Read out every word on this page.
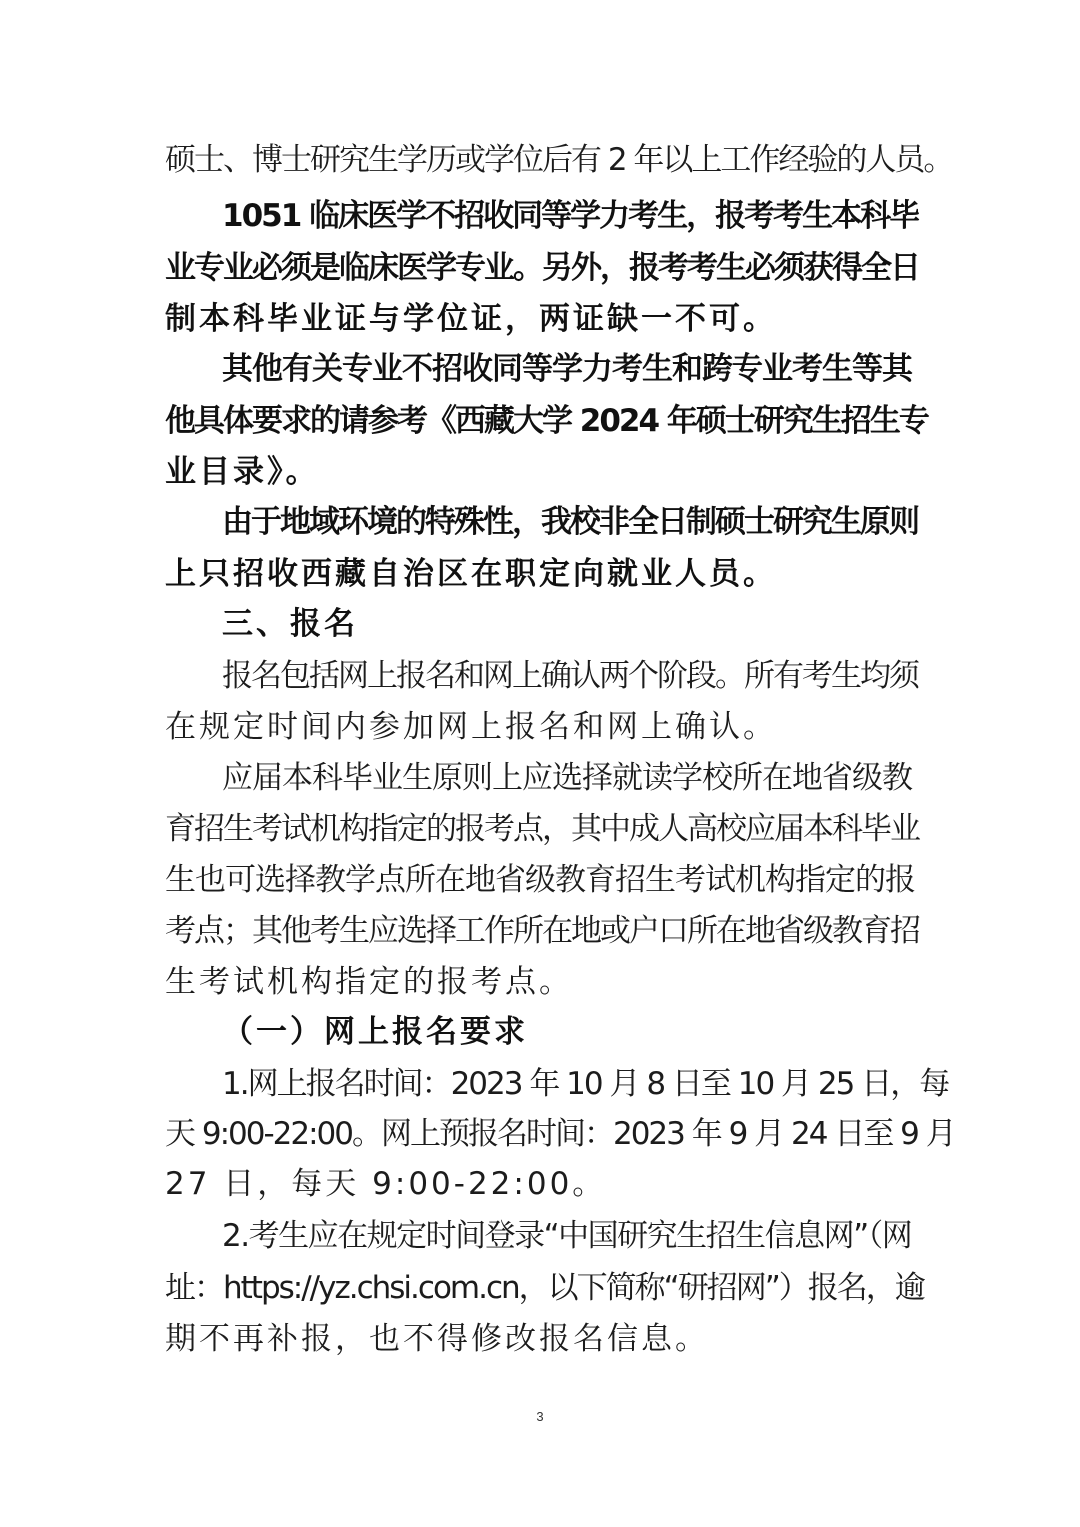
硕士、博士研究生学历或学位后有 2 年以上工作经验的人员。
1051 临床医学不招收同等学力考生，报考考生本科毕
业专业必须是临床医学专业。另外，报考考生必须获得全日
制本科毕业证与学位证，两证缺一不可。
其他有关专业不招收同等学力考生和跨专业考生等其
他具体要求的请参考《西藏大学 2024 年硕士研究生招生专
业目录》。
由于地域环境的特殊性，我校非全日制硕士研究生原则
上只招收西藏自治区在职定向就业人员。
三、报名
报名包括网上报名和网上确认两个阶段。所有考生均须
在规定时间内参加网上报名和网上确认。
应届本科毕业生原则上应选择就读学校所在地省级教
育招生考试机构指定的报考点，其中成人高校应届本科毕业
生也可选择教学点所在地省级教育招生考试机构指定的报
考点；其他考生应选择工作所在地或户口所在地省级教育招
生考试机构指定的报考点。
（一）网上报名要求
1.网上报名时间：2023 年 10 月 8 日至 10 月 25 日，每
天 9:00-22:00。网上预报名时间：2023 年 9 月 24 日至 9 月
27 日，每天 9:00-22:00。
2.考生应在规定时间登录“中国研究生招生信息网”（网
址：https://yz.chsi.com.cn，以下简称“研招网”）报名，逾
期不再补报，也不得修改报名信息。
3
